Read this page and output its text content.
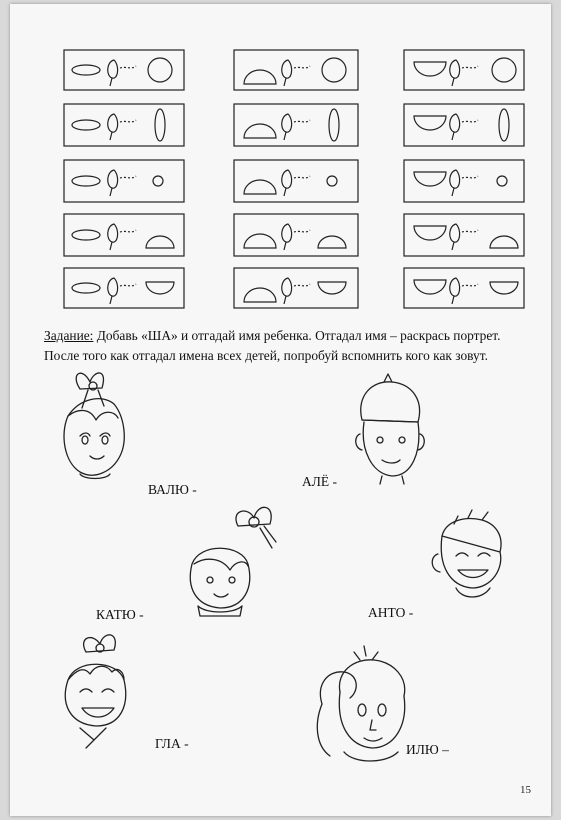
Задание: Добавь «ША» и отгадай имя ребенка. Отгадал имя – раскрась портрет.
После того как отгадал имена всех детей, попробуй вспомнить кого как зовут.
ВАЛЮ -
АЛЁ -
КАТЮ -	АНТО -
ГЛА -	ИЛЮ –
15
